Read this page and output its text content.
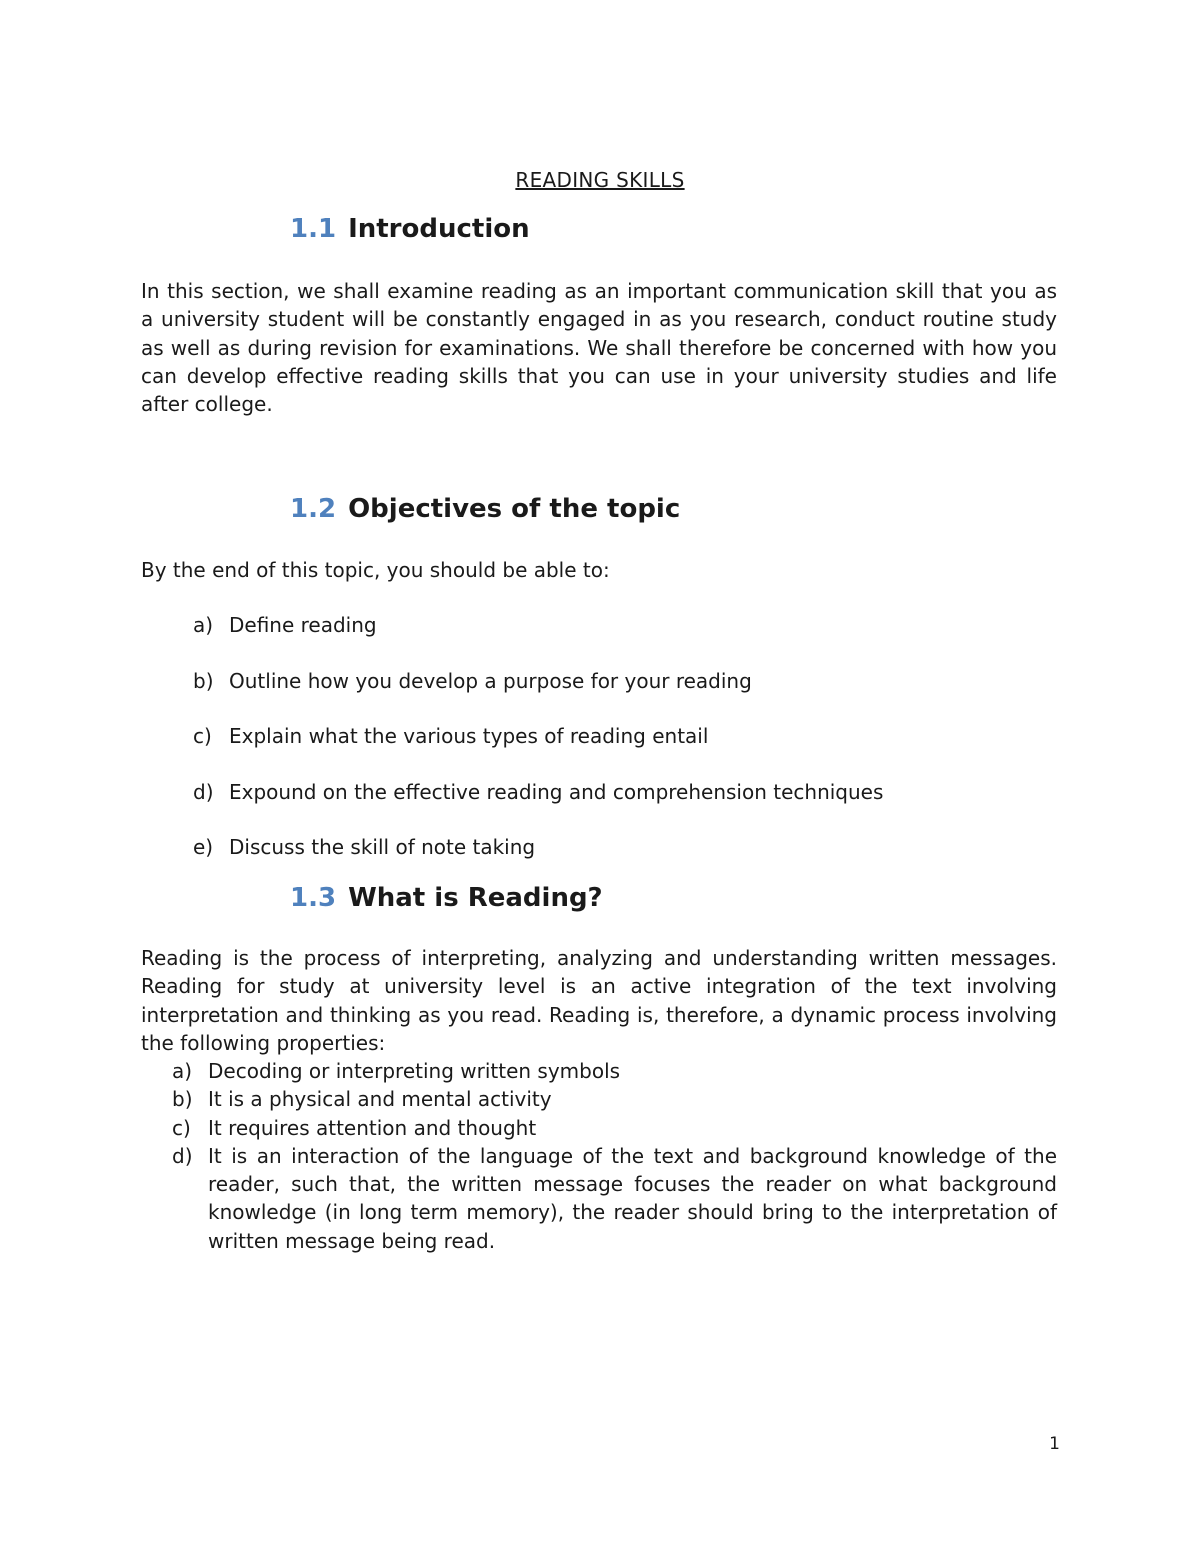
READING SKILLS
1.1 Introduction

In this section, we shall examine reading as an important communication skill that you as a university student will be constantly engaged in as you research, conduct routine study as well as during revision for examinations. We shall therefore be concerned with how you can develop effective reading skills that you can use in your university studies and life after college.

1.2 Objectives of the topic

By the end of this topic, you should be able to:

a) Define reading
b) Outline how you develop a purpose for your reading
c) Explain what the various types of reading entail
d) Expound on the effective reading and comprehension techniques
e) Discuss the skill of note taking
1.3 What is Reading?

Reading is the process of interpreting, analyzing and understanding written messages. Reading for study at university level is an active integration of the text involving interpretation and thinking as you read. Reading is, therefore, a dynamic process involving the following properties:

a) Decoding or interpreting written symbols
b) It is a physical and mental activity
c) It requires attention and thought
d) It is an interaction of the language of the text and background knowledge of the reader, such that, the written message focuses the reader on what background knowledge (in long term memory), the reader should bring to the interpretation of written message being read.
1
